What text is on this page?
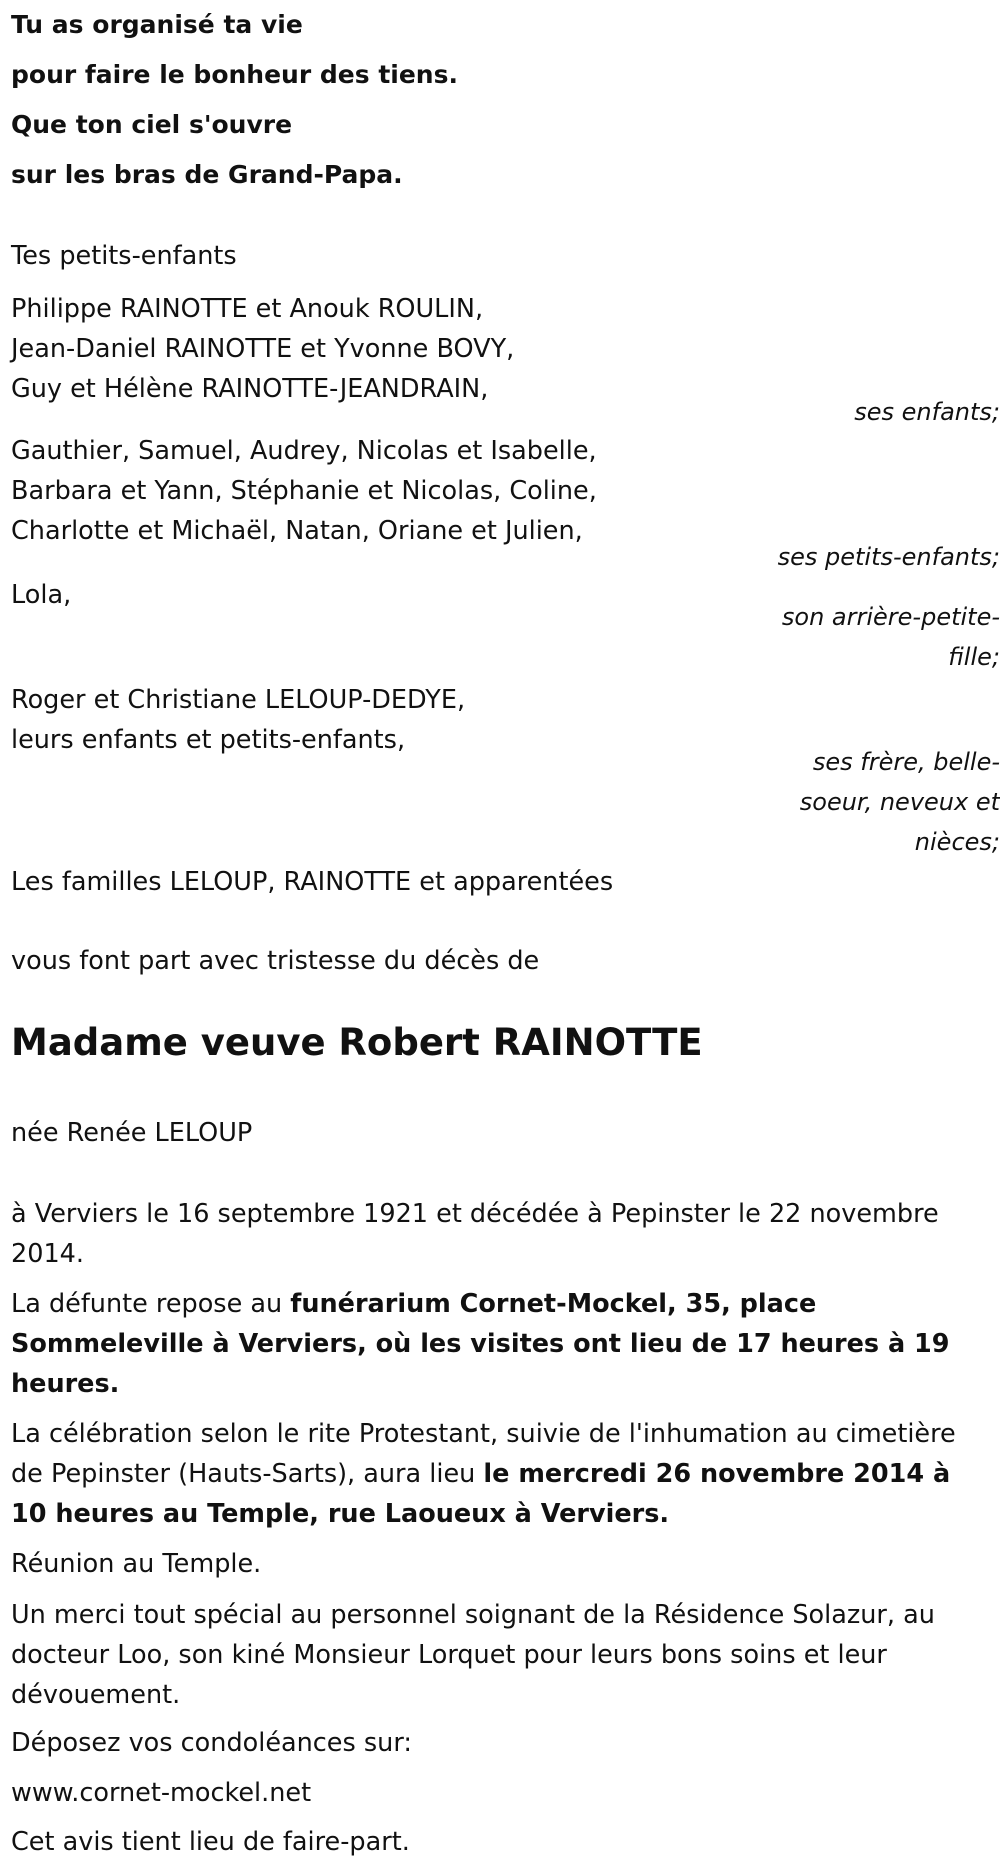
Tu as organisé ta vie
pour faire le bonheur des tiens.
Que ton ciel s'ouvre
sur les bras de Grand-Papa.
Tes petits-enfants
Philippe RAINOTTE et Anouk ROULIN,
Jean-Daniel RAINOTTE et Yvonne BOVY,
Guy et Hélène RAINOTTE-JEANDRAIN,
ses enfants;
Gauthier, Samuel, Audrey, Nicolas et Isabelle,
Barbara et Yann, Stéphanie et Nicolas, Coline,
Charlotte et Michaël, Natan, Oriane et Julien,
ses petits-enfants;
Lola,
son arrière-petite-
fille;
Roger et Christiane LELOUP-DEDYE,
leurs enfants et petits-enfants,
ses frère, belle-
soeur, neveux et
nièces;
Les familles LELOUP, RAINOTTE et apparentées
vous font part avec tristesse du décès de
Madame veuve Robert RAINOTTE
née Renée LELOUP
à Verviers le 16 septembre 1921 et décédée à Pepinster le 22 novembre 2014.
La défunte repose au funérarium Cornet-Mockel, 35, place Sommeleville à Verviers, où les visites ont lieu de 17 heures à 19 heures.
La célébration selon le rite Protestant, suivie de l'inhumation au cimetière de Pepinster (Hauts-Sarts), aura lieu le mercredi 26 novembre 2014 à 10 heures au Temple, rue Laoueux à Verviers.
Réunion au Temple.
Un merci tout spécial au personnel soignant de la Résidence Solazur, au docteur Loo, son kiné Monsieur Lorquet pour leurs bons soins et leur dévouement.
Déposez vos condoléances sur:
www.cornet-mockel.net
Cet avis tient lieu de faire-part.
